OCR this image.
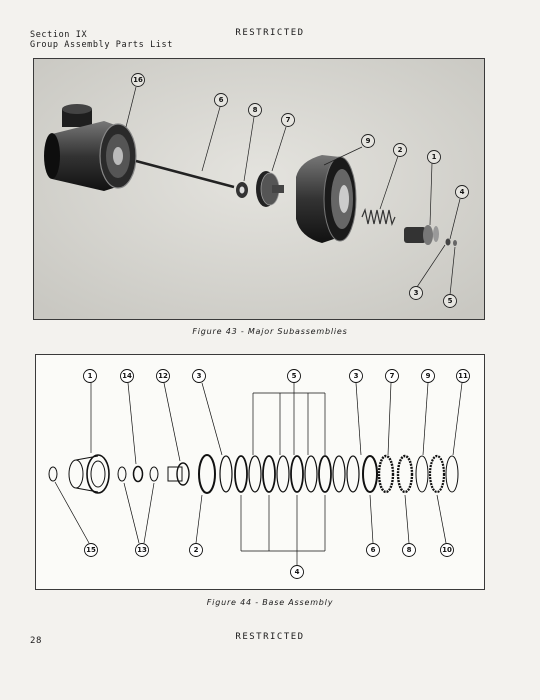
Section IX
Group Assembly Parts List
RESTRICTED
16
6
8
7
9
2
1
4
3
5
Figure 43 - Major Subassemblies
1	14	12	3	5	3	7	9	11
15	13	2
4
6	8	10
Figure 44 - Base Assembly
28	RESTRICTED
